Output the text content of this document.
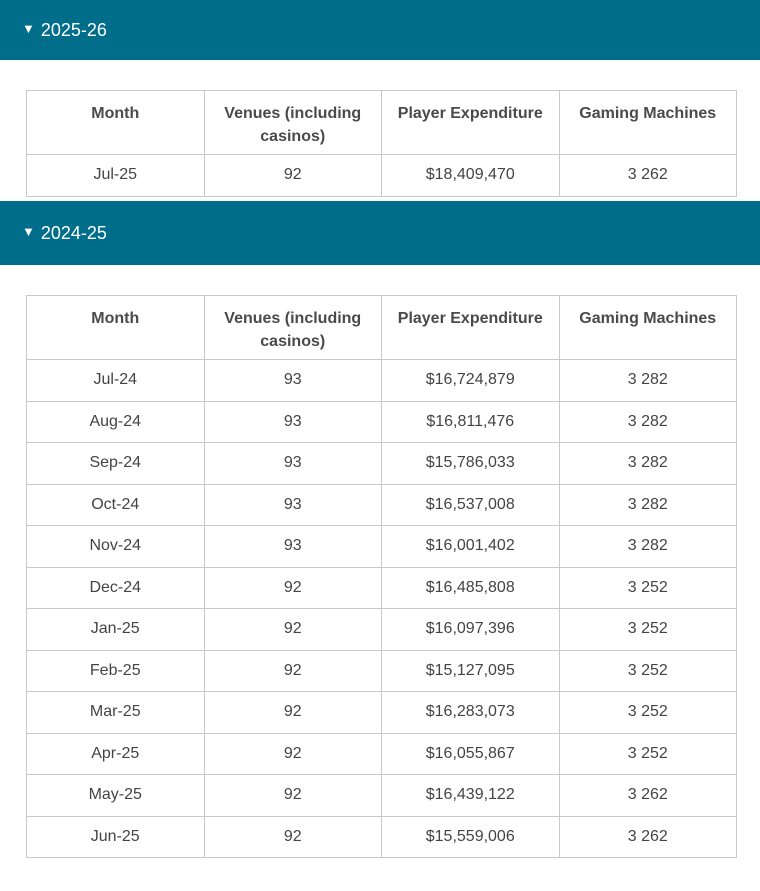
▼ 2025-26
Month	Venues (including casinos)	Player Expenditure	Gaming Machines
Jul-25	92	$18,409,470	3 262
▼ 2024-25
Month	Venues (including casinos)	Player Expenditure	Gaming Machines
Jul-24	93	$16,724,879	3 282
Aug-24	93	$16,811,476	3 282
Sep-24	93	$15,786,033	3 282
Oct-24	93	$16,537,008	3 282
Nov-24	93	$16,001,402	3 282
Dec-24	92	$16,485,808	3 252
Jan-25	92	$16,097,396	3 252
Feb-25	92	$15,127,095	3 252
Mar-25	92	$16,283,073	3 252
Apr-25	92	$16,055,867	3 252
May-25	92	$16,439,122	3 262
Jun-25	92	$15,559,006	3 262
